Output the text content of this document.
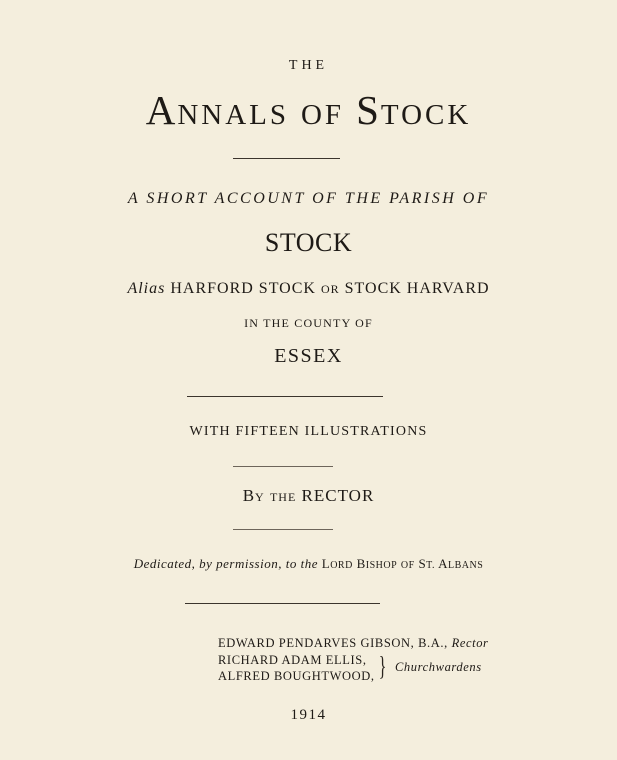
THE
ANNALS OF STOCK
A SHORT ACCOUNT OF THE PARISH OF
STOCK
Alias HARFORD STOCK OR STOCK HARVARD
IN THE COUNTY OF
ESSEX
WITH FIFTEEN ILLUSTRATIONS
BY THE RECTOR
Dedicated, by permission, to the LORD BISHOP OF ST. ALBANS
EDWARD PENDARVES GIBSON, B.A., Rector
RICHARD ADAM ELLIS,
ALFRED BOUGHTWOOD, } Churchwardens
1914
